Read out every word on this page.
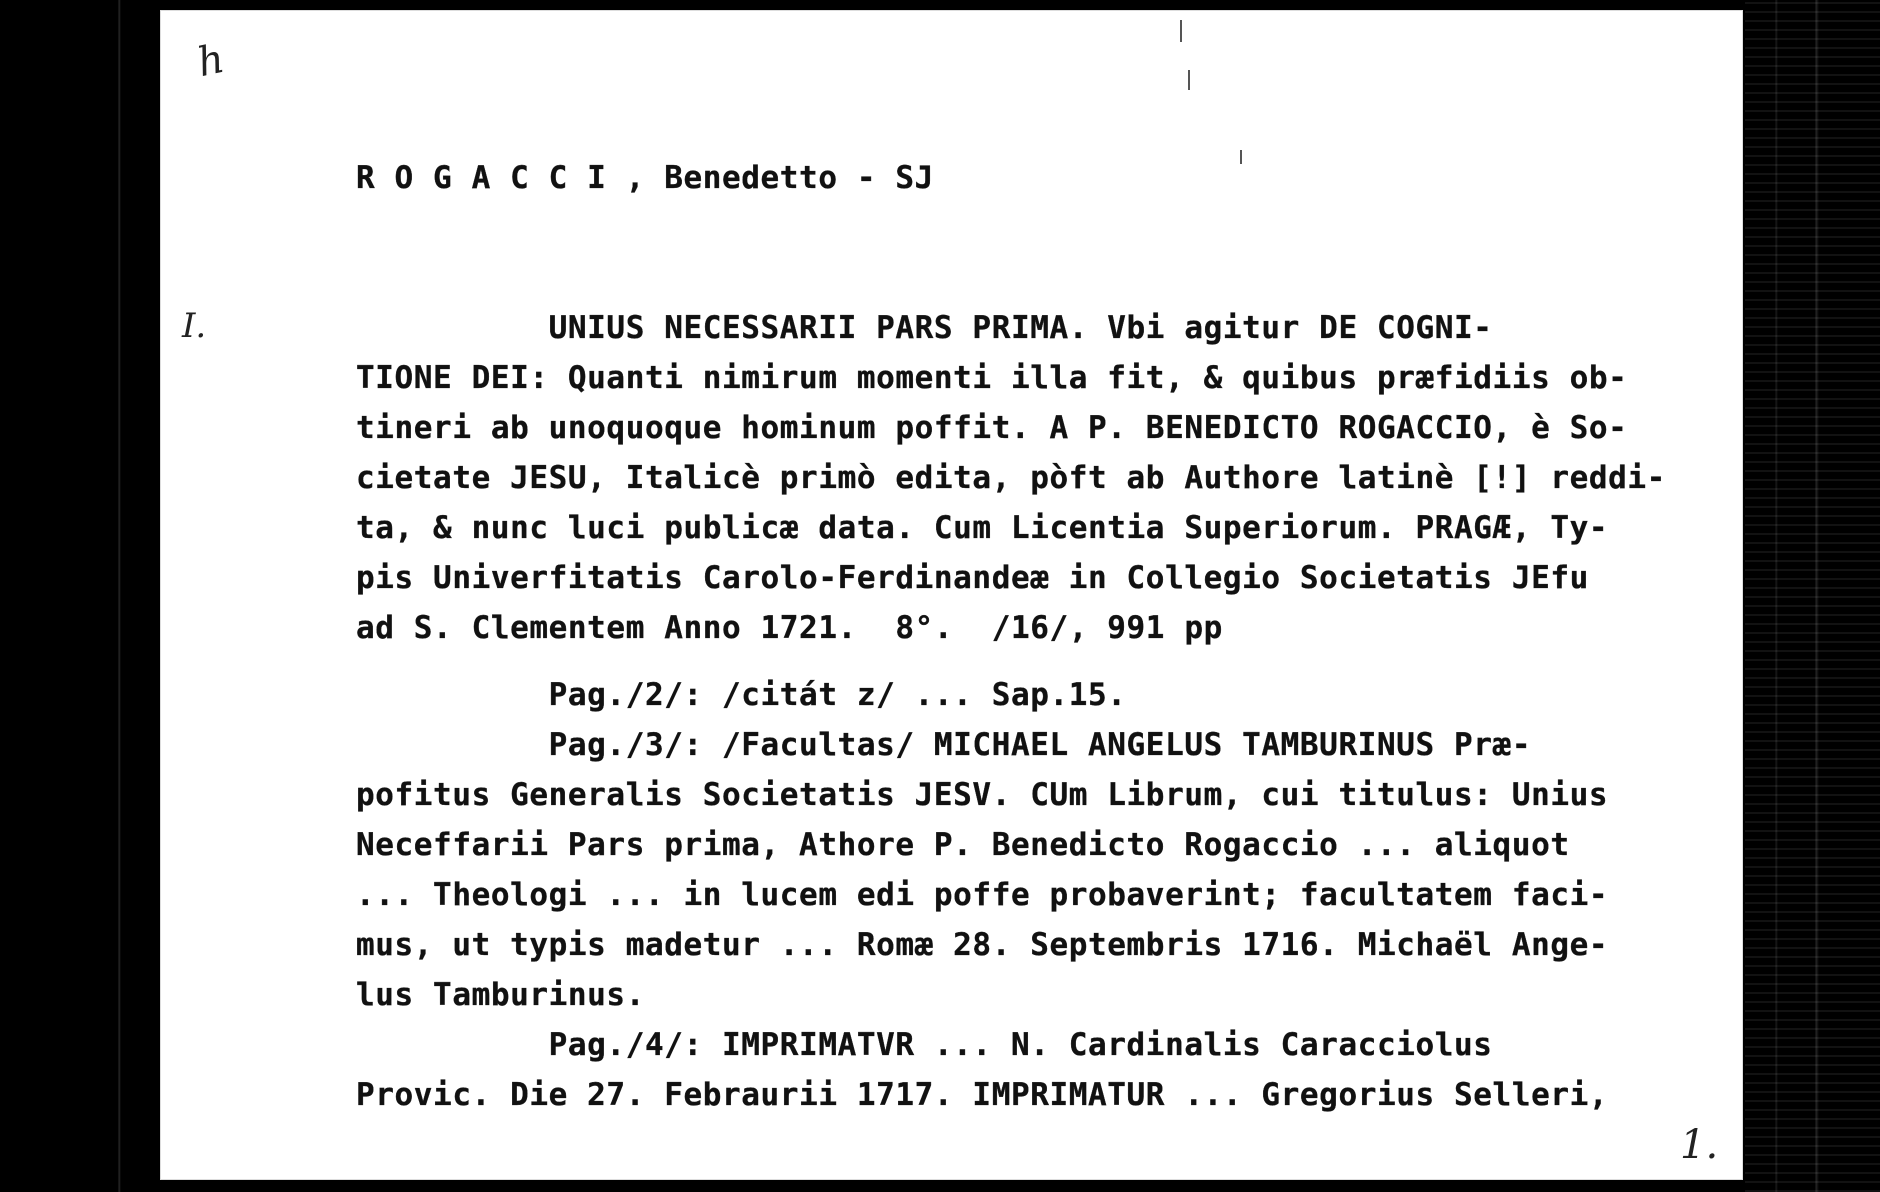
h
I.
R O G A C C I , Benedetto - SJ
UNIUS NECESSARII PARS PRIMA. Vbi agitur DE COGNI-
TIONE DEI: Quanti nimirum momenti illa fit, & quibus præfidiis ob-
tineri ab unoquoque hominum poffit. A P. BENEDICTO ROGACCIO, è So-
cietate JESU, Italicè primò edita, pòft ab Authore latinè [!] reddi-
ta, & nunc luci publicæ data. Cum Licentia Superiorum. PRAGÆ, Ty-
pis Univerfitatis Carolo-Ferdinandeæ in Collegio Societatis JEfu
ad S. Clementem Anno 1721.  8°.  /16/, 991 pp
Pag./2/: /citát z/ ... Sap.15.
Pag./3/: /Facultas/ MICHAEL ANGELUS TAMBURINUS Præ-
pofitus Generalis Societatis JESV. CUm Librum, cui titulus: Unius
Neceffarii Pars prima, Athore P. Benedicto Rogaccio ... aliquot
... Theologi ... in lucem edi poffe probaverint; facultatem faci-
mus, ut typis madetur ... Romæ 28. Septembris 1716. Michaël Ange-
lus Tamburinus.
Pag./4/: IMPRIMATVR ... N. Cardinalis Caracciolus
Provic. Die 27. Febraurii 1717. IMPRIMATUR ... Gregorius Selleri,
1.
